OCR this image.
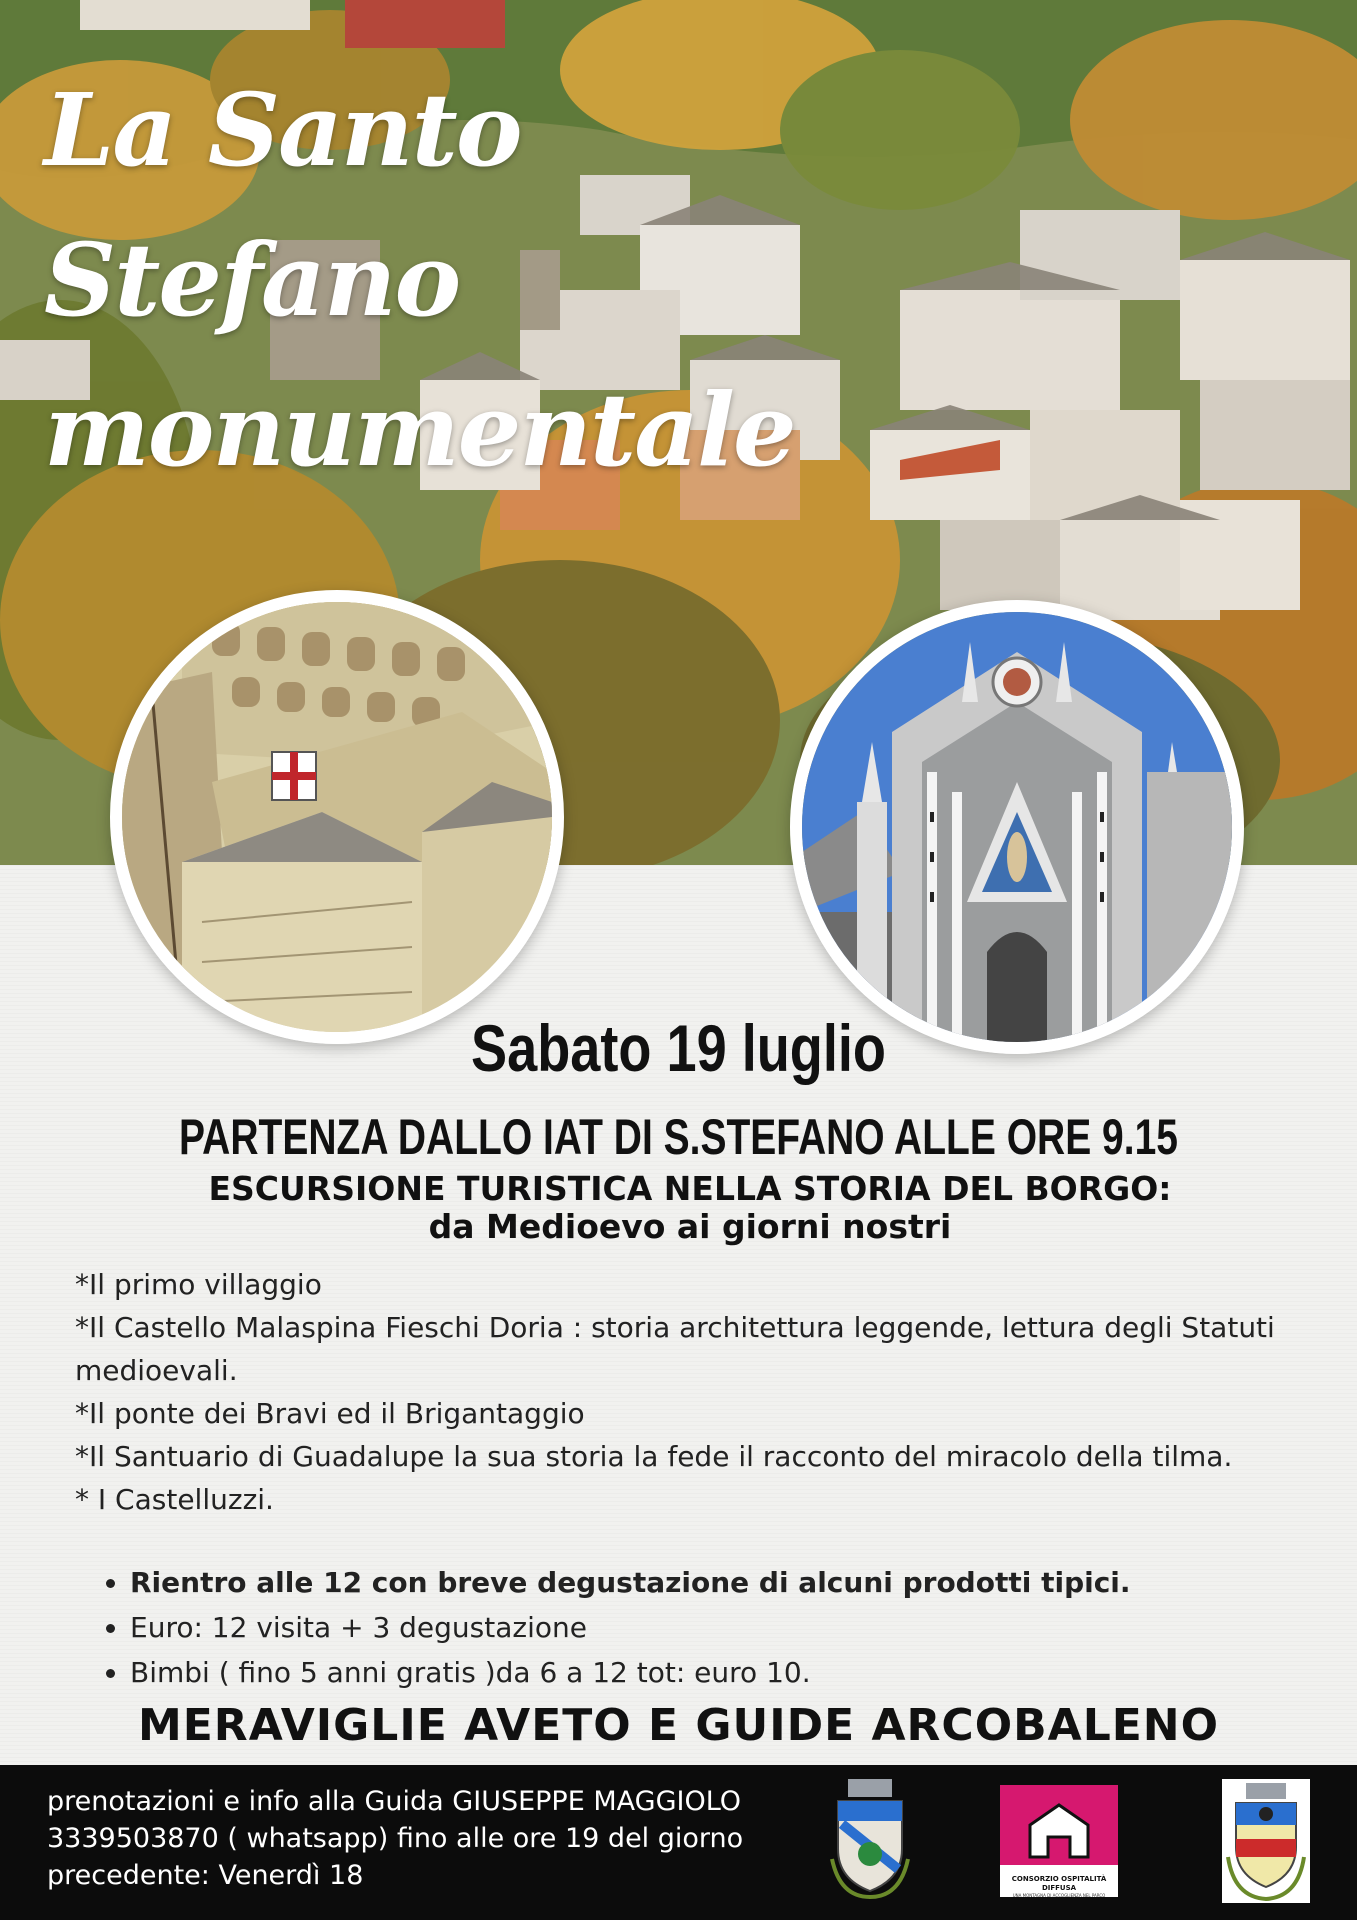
La Santo Stefano
monumentale
Sabato 19 luglio
PARTENZA DALLO IAT DI S.STEFANO ALLE ORE 9.15
ESCURSIONE TURISTICA NELLA STORIA DEL BORGO:
da Medioevo ai giorni nostri
*Il primo villaggio
*Il Castello Malaspina Fieschi Doria : storia architettura leggende, lettura degli Statuti medioevali.
*Il ponte dei Bravi ed il Brigantaggio
*Il Santuario di Guadalupe la sua storia la fede il racconto del miracolo della tilma.
* I Castelluzzi.
• Rientro alle 12 con breve degustazione di alcuni prodotti tipici.
• Euro: 12 visita + 3 degustazione
• Bimbi ( fino 5 anni gratis )da 6 a 12 tot: euro 10.
MERAVIGLIE AVETO E GUIDE ARCOBALENO
prenotazioni e info alla Guida GIUSEPPE MAGGIOLO
3339503870 ( whatsapp) fino alle ore 19 del giorno
precedente: Venerdì 18	CONSORZIO OSPITALITÀ DIFFUSA
UNA MONTAGNA DI ACCOGLIENZA NEL PARCO
